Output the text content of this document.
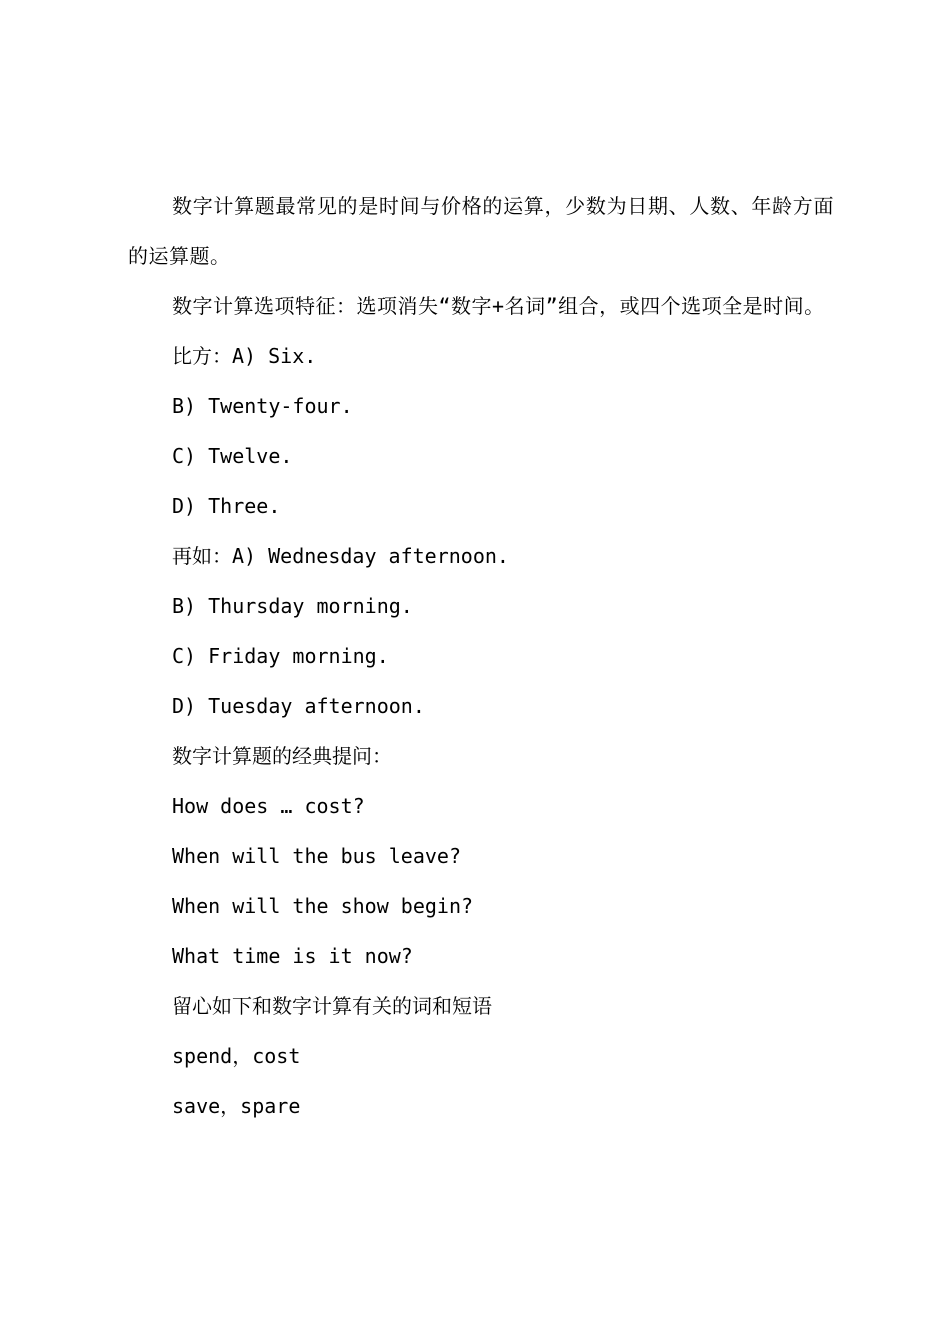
数字计算题最常见的是时间与价格的运算，少数为日期、人数、年龄方面的运算题。

数字计算选项特征：选项消失“数字+名词”组合，或四个选项全是时间。

比方：A) Six.

B) Twenty-four.

C) Twelve.

D) Three.

再如：A) Wednesday afternoon.

B) Thursday morning.

C) Friday morning.

D) Tuesday afternoon.

数字计算题的经典提问：

How does … cost?

When will the bus leave?

When will the show begin?

What time is it now?

留心如下和数字计算有关的词和短语

spend，cost

save，spare
